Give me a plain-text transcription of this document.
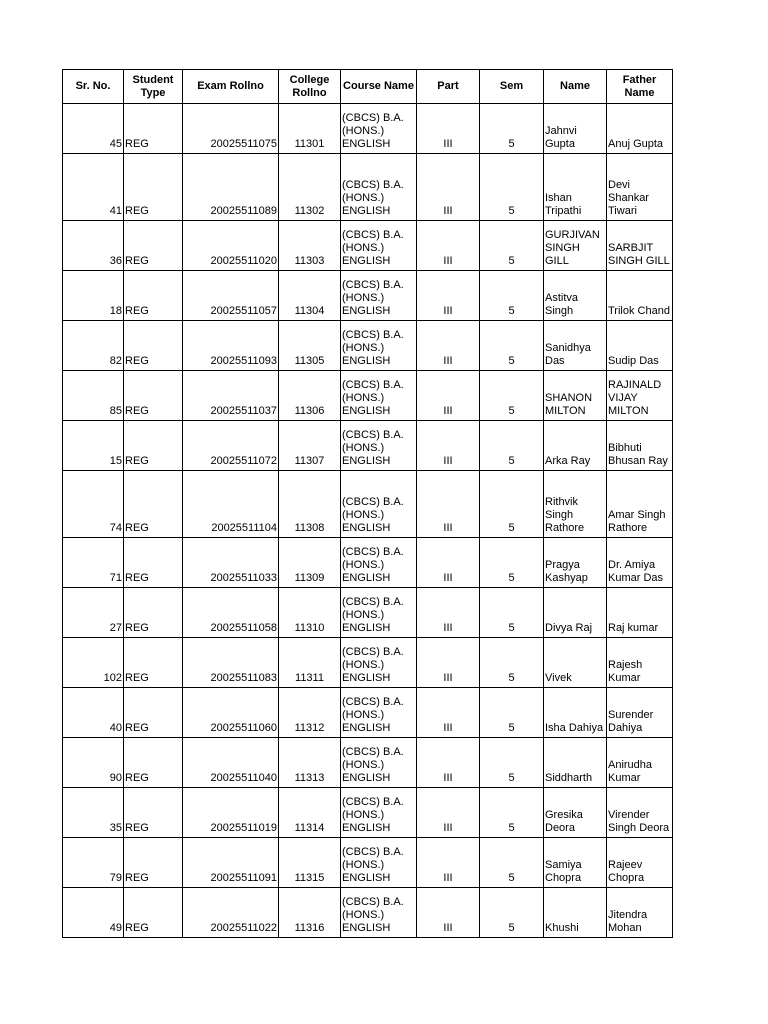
Sr. No.	Student Type	Exam Rollno	College Rollno	Course Name	Part	Sem	Name	Father Name
45	REG	20025511075	11301	(CBCS) B.A. (HONS.) ENGLISH	III	5	Jahnvi Gupta	Anuj Gupta
41	REG	20025511089	11302	(CBCS) B.A. (HONS.) ENGLISH	III	5	Ishan Tripathi	Devi Shankar Tiwari
36	REG	20025511020	11303	(CBCS) B.A. (HONS.) ENGLISH	III	5	GURJIVAN SINGH GILL	SARBJIT SINGH GILL
18	REG	20025511057	11304	(CBCS) B.A. (HONS.) ENGLISH	III	5	Astitva Singh	Trilok Chand
82	REG	20025511093	11305	(CBCS) B.A. (HONS.) ENGLISH	III	5	Sanidhya Das	Sudip Das
85	REG	20025511037	11306	(CBCS) B.A. (HONS.) ENGLISH	III	5	SHANON MILTON	RAJINALD VIJAY MILTON
15	REG	20025511072	11307	(CBCS) B.A. (HONS.) ENGLISH	III	5	Arka Ray	Bibhuti Bhusan Ray
74	REG	20025511104	11308	(CBCS) B.A. (HONS.) ENGLISH	III	5	Rithvik Singh Rathore	Amar Singh Rathore
71	REG	20025511033	11309	(CBCS) B.A. (HONS.) ENGLISH	III	5	Pragya Kashyap	Dr. Amiya Kumar Das
27	REG	20025511058	11310	(CBCS) B.A. (HONS.) ENGLISH	III	5	Divya Raj	Raj kumar
102	REG	20025511083	11311	(CBCS) B.A. (HONS.) ENGLISH	III	5	Vivek	Rajesh Kumar
40	REG	20025511060	11312	(CBCS) B.A. (HONS.) ENGLISH	III	5	Isha Dahiya	Surender Dahiya
90	REG	20025511040	11313	(CBCS) B.A. (HONS.) ENGLISH	III	5	Siddharth	Anirudha Kumar
35	REG	20025511019	11314	(CBCS) B.A. (HONS.) ENGLISH	III	5	Gresika Deora	Virender Singh Deora
79	REG	20025511091	11315	(CBCS) B.A. (HONS.) ENGLISH	III	5	Samiya Chopra	Rajeev Chopra
49	REG	20025511022	11316	(CBCS) B.A. (HONS.) ENGLISH	III	5	Khushi	Jitendra Mohan
